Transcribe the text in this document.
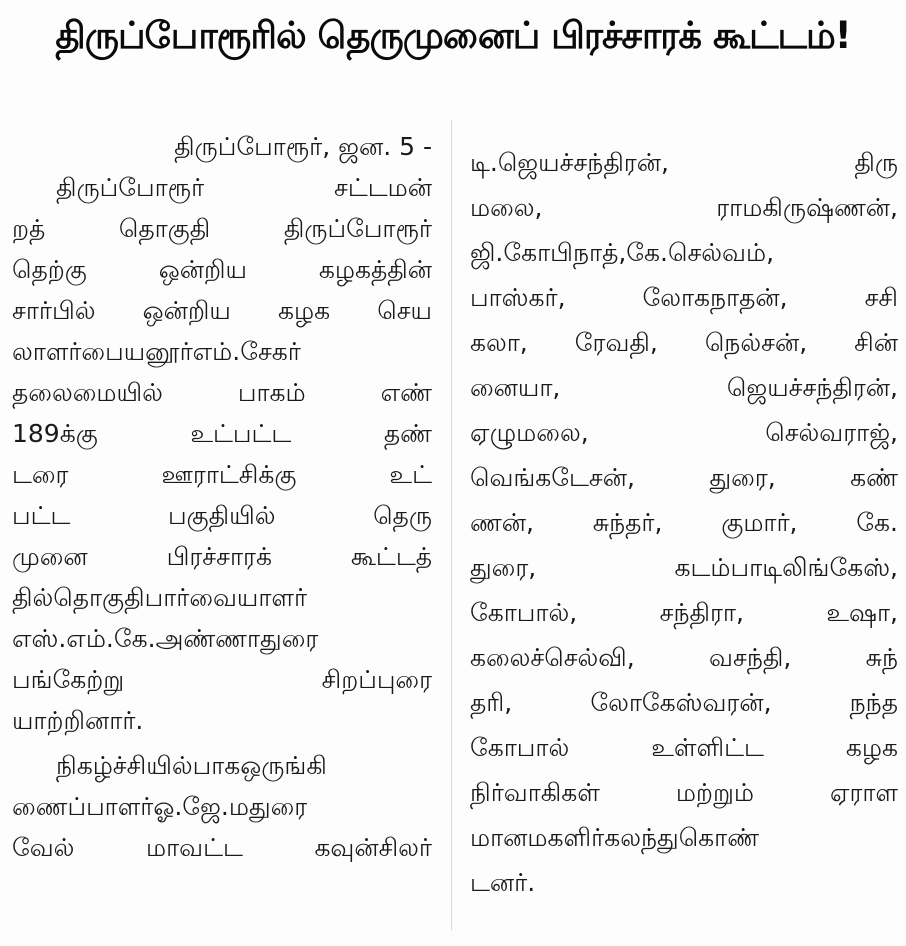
திருப்போரூரில் தெருமுனைப் பிரச்சாரக் கூட்டம்!
திருப்போரூர், ஜன. 5 -
திருப்போரூர் சட்டமன்
றத் தொகுதி திருப்போரூர்
தெற்கு ஒன்றிய கழகத்தின்
சார்பில் ஒன்றிய கழக செய
லாளர்பையனூர்எம்.சேகர்
தலைமையில் பாகம் எண்
189க்கு உட்பட்ட தண்
டரை ஊராட்சிக்கு உட்
பட்ட பகுதியில் தெரு
முனை பிரச்சாரக் கூட்டத்
தில்தொகுதிபார்வையாளர்
எஸ்.எம்.கே.அண்ணாதுரை
பங்கேற்று சிறப்புரை
யாற்றினார்.
நிகழ்ச்சியில்பாகஒருங்கி
ணைப்பாளர்ஓ.ஜே.மதுரை
வேல் மாவட்ட கவுன்சிலர்
டி.ஜெயச்சந்திரன், திரு
மலை, ராமகிருஷ்ணன்,
ஜி.கோபிநாத்,கே.செல்வம்,
பாஸ்கர், லோகநாதன், சசி
கலா, ரேவதி, நெல்சன், சின்
னையா, ஜெயச்சந்திரன்,
ஏழுமலை, செல்வராஜ்,
வெங்கடேசன், துரை, கண்
ணன், சுந்தர், குமார், கே.
துரை, கடம்பாடிலிங்கேஸ்,
கோபால், சந்திரா, உஷா,
கலைச்செல்வி, வசந்தி, சுந்
தரி, லோகேஸ்வரன், நந்த
கோபால் உள்ளிட்ட கழக
நிர்வாகிகள் மற்றும் ஏராள
மானமகளிர்கலந்துகொண்
டனர்.
